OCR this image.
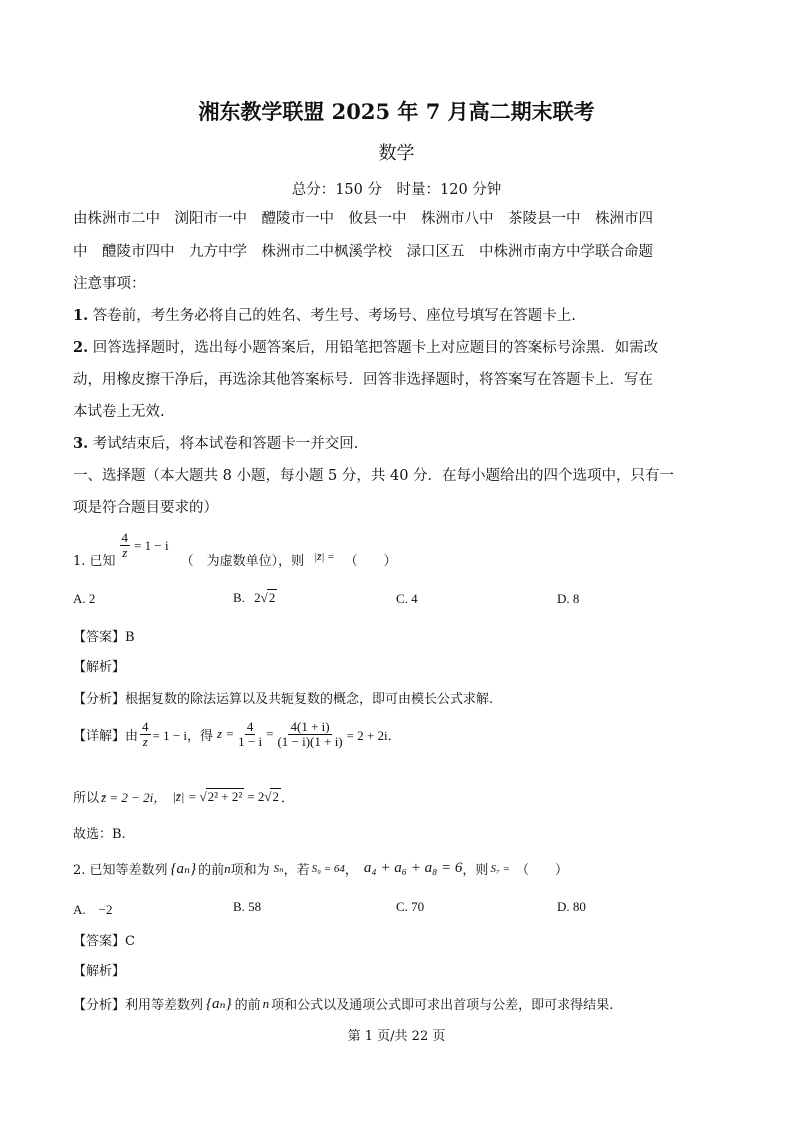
湘东教学联盟 2025 年 7 月高二期末联考
数学
总分：150 分　时量：120 分钟
由株洲市二中　浏阳市一中　醴陵市一中　攸县一中　株洲市八中　茶陵县一中　株洲市四
中　醴陵市四中　九方中学　株洲市二中枫溪学校　渌口区五　中株洲市南方中学联合命题
注意事项：
1. 答卷前，考生务必将自己的姓名、考生号、考场号、座位号填写在答题卡上.
2. 回答选择题时，选出每小题答案后，用铅笔把答题卡上对应题目的答案标号涂黑．如需改
动，用橡皮擦干净后，再选涂其他答案标号．回答非选择题时，将答案写在答题卡上．写在
本试卷上无效.
3. 考试结束后，将本试卷和答题卡一并交回.
一、选择题（本大题共 8 小题，每小题 5 分，共 40 分．在每小题给出的四个选项中，只有一
项是符合题目要求的）
1. 已知
$\frac{4}{z} = 1 - i$
（　为虚数单位），则 |z̄| = （　　）
A. 2	B. 2√2	C. 4	D. 8
【答案】B
【解析】
【分析】根据复数的除法运算以及共轭复数的概念，即可由模长公式求解.
【详解】由 $\frac{4}{z} = 1 - i$，得 $z = \frac{4}{1 - i} = \frac{4(1 + i)}{(1 - i)(1 + i)} = 2 + 2i$．
所以 z̄ = 2 − 2i， |z̄| = √ 2² + 2² = 2 √ 2 ．
故选：B.
2. 已知等差数列 {aₙ} 的前 n 项和为 Sₙ ，若 S₉ = 64 ， a₄ + a₆ + a₈ = 6 ，则 S₇ = （　　）
A.　−2	B. 58	C. 70	D. 80
【答案】C
【解析】
【分析】利用等差数列 {aₙ} 的前 n 项和公式以及通项公式即可求出首项与公差，即可求得结果.
第 1 页/共 22 页
